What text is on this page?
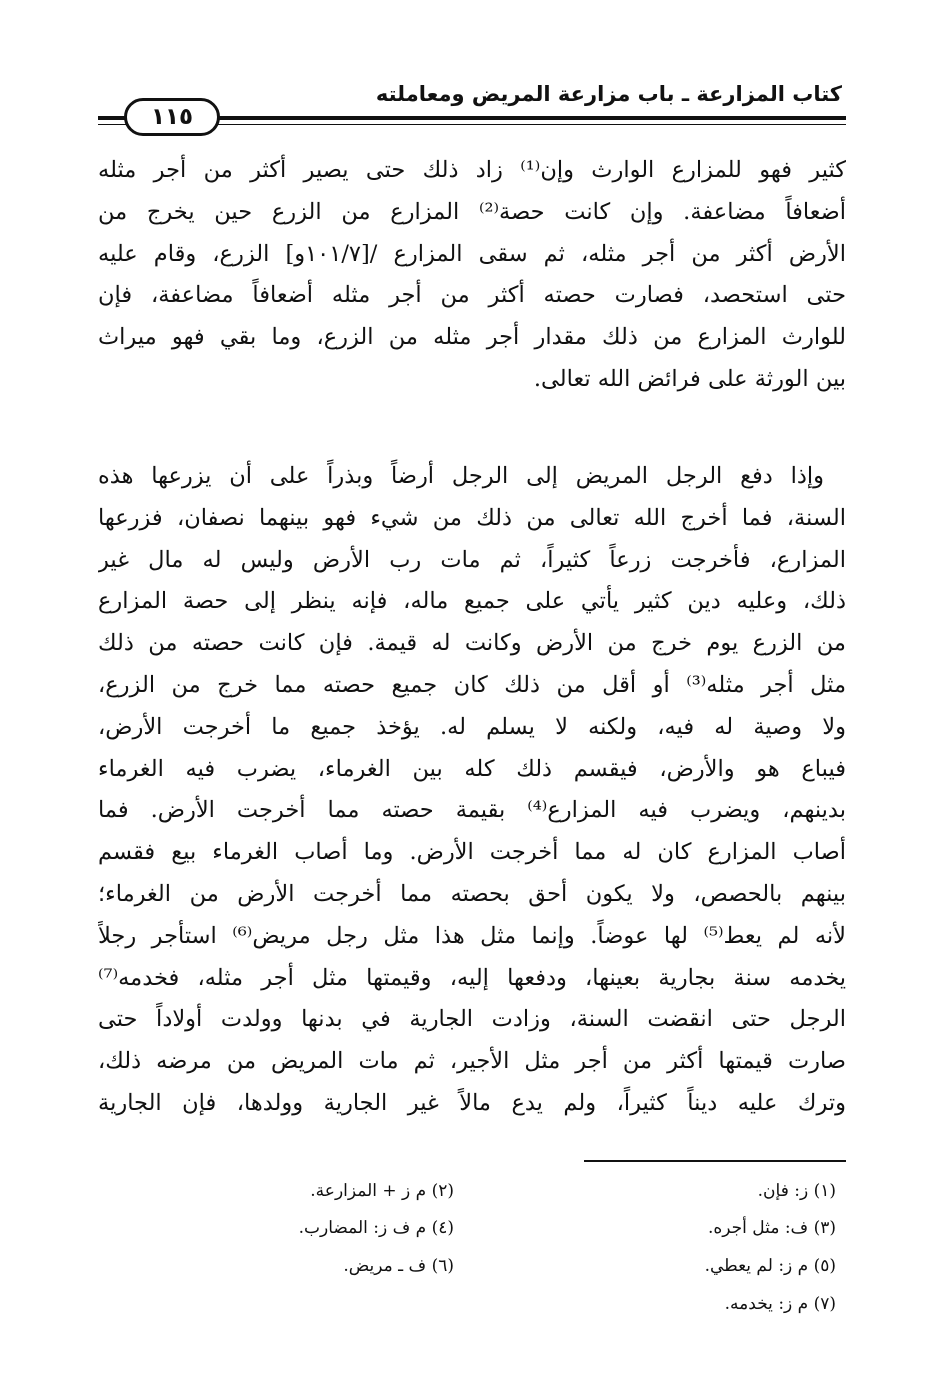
كتاب المزارعة ـ باب مزارعة المريض ومعاملته
١١٥
كثير فهو للمزارع الوارث وإن⁽¹⁾ زاد ذلك حتى يصير أكثر من أجر مثله
أضعافاً مضاعفة. وإن كانت حصة⁽²⁾ المزارع من الزرع حين يخرج من
الأرض أكثر من أجر مثله، ثم سقى المزارع /[١٠١/٧و] الزرع، وقام عليه
حتى استحصد، فصارت حصته أكثر من أجر مثله أضعافاً مضاعفة، فإن
للوارث المزارع من ذلك مقدار أجر مثله من الزرع، وما بقي فهو ميراث
بين الورثة على فرائض الله تعالى.
وإذا دفع الرجل المريض إلى الرجل أرضاً وبذراً على أن يزرعها هذه
السنة، فما أخرج الله تعالى من ذلك من شيء فهو بينهما نصفان، فزرعها
المزارع، فأخرجت زرعاً كثيراً، ثم مات رب الأرض وليس له مال غير
ذلك، وعليه دين كثير يأتي على جميع ماله، فإنه ينظر إلى حصة المزارع
من الزرع يوم خرج من الأرض وكانت له قيمة. فإن كانت حصته من ذلك
مثل أجر مثله⁽³⁾ أو أقل من ذلك كان جميع حصته مما خرج من الزرع،
ولا وصية له فيه، ولكنه لا يسلم له. يؤخذ جميع ما أخرجت الأرض،
فيباع هو والأرض، فيقسم ذلك كله بين الغرماء، يضرب فيه الغرماء
بدينهم، ويضرب فيه المزارع⁽⁴⁾ بقيمة حصته مما أخرجت الأرض. فما
أصاب المزارع كان له مما أخرجت الأرض. وما أصاب الغرماء بيع فقسم
بينهم بالحصص، ولا يكون أحق بحصته مما أخرجت الأرض من الغرماء؛
لأنه لم يعط⁽⁵⁾ لها عوضاً. وإنما مثل هذا مثل رجل مريض⁽⁶⁾ استأجر رجلاً
يخدمه سنة بجارية بعينها، ودفعها إليه، وقيمتها مثل أجر مثله، فخدمه⁽⁷⁾
الرجل حتى انقضت السنة، وزادت الجارية في بدنها وولدت أولاداً حتى
صارت قيمتها أكثر من أجر مثل الأجير، ثم مات المريض من مرضه ذلك،
وترك عليه ديناً كثيراً، ولم يدع مالاً غير الجارية وولدها، فإن الجارية
(١) ز: فإن.
(٢) م ز + المزارعة.
(٣) ف: مثل أجره.
(٤) م ف ز: المضارب.
(٥) م ز: لم يعطي.
(٦) ف ـ مريض.
(٧) م ز: يخدمه.
